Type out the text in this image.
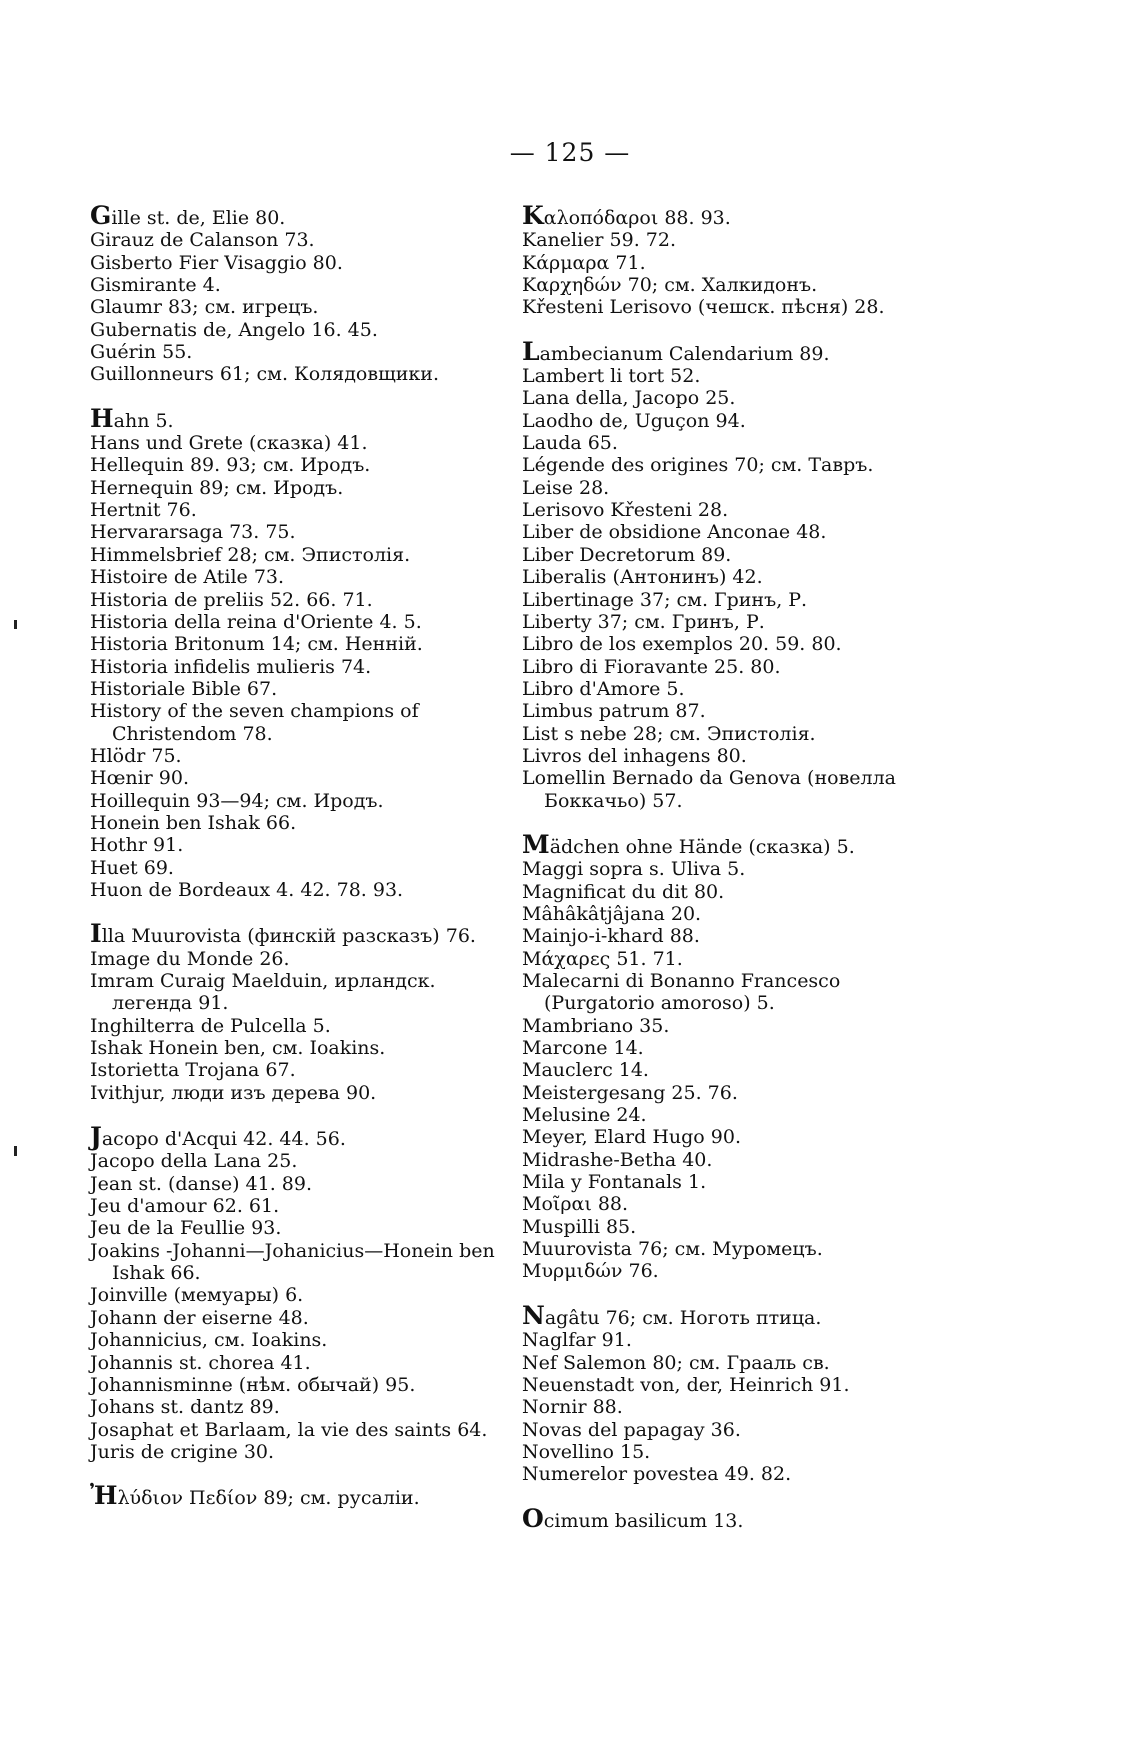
— 125 —
Gille st. de, Elie 80.
Girauz de Calanson 73.
Gisberto Fier Visaggio 80.
Gismirante 4.
Glaumr 83; см. игрецъ.
Gubernatis de, Angelo 16. 45.
Guérin 55.
Guillonneurs 61; см. Колядовщики.
Hahn 5.
Hans und Grete (сказка) 41.
Hellequin 89. 93; см. Иродъ.
Hernequin 89; см. Иродъ.
Hertnit 76.
Hervararsaga 73. 75.
Himmelsbrief 28; см. Эпистолія.
Histoire de Atile 73.
Historia de preliis 52. 66. 71.
Historia della reina d'Oriente 4. 5.
Historia Britonum 14; см. Ненній.
Historia infidelis mulieris 74.
Historiale Bible 67.
History of the seven champions of Christendom 78.
Hlödr 75.
Hœnir 90.
Hoillequin 93—94; см. Иродъ.
Honein ben Ishak 66.
Hothr 91.
Huet 69.
Huon de Bordeaux 4. 42. 78. 93.
Illa Muurovista (финскій разсказъ) 76.
Image du Monde 26.
Imram Curaig Maelduin, ирландск. легенда 91.
Inghilterra de Pulcella 5.
Ishak Honein ben, см. Ioakins.
Istorietta Trojana 67.
Ivithjur, люди изъ дерева 90.
Jacopo d'Acqui 42. 44. 56.
Jacopo della Lana 25.
Jean st. (danse) 41. 89.
Jeu d'amour 62. 61.
Jeu de la Feullie 93.
Joakins -Johanni—Johanicius—Honein ben Ishak 66.
Joinville (мемуары) 6.
Johann der eiserne 48.
Johannicius, см. Ioakins.
Johannis st. chorea 41.
Johannisminne (нѣм. обычай) 95.
Johans st. dantz 89.
Josaphat et Barlaam, la vie des saints 64.
Juris de crigine 30.
Ἠλύδιον Πεδίον 89; см. русаліи.
Καλοπόδαροι 88. 93.
Kanelier 59. 72.
Κάρμαρα 71.
Καρχηδών 70; см. Халкидонъ.
Křesteni Lerisovo (чешск. пѣсня) 28.
Lambecianum Calendarium 89.
Lambert li tort 52.
Lana della, Jacopo 25.
Laodho de, Uguçon 94.
Lauda 65.
Légende des origines 70; см. Тавръ.
Leise 28.
Lerisovo Křesteni 28.
Liber de obsidione Anconae 48.
Liber Decretorum 89.
Liberalis (Антонинъ) 42.
Libertinage 37; см. Гринъ, Р.
Liberty 37; см. Гринъ, Р.
Libro de los exemplos 20. 59. 80.
Libro di Fioravante 25. 80.
Libro d'Amore 5.
Limbus patrum 87.
List s nebe 28; см. Эпистолія.
Livros del inhagens 80.
Lomellin Bernado da Genova (новелла Боккачьо) 57.
Mädchen ohne Hände (сказка) 5.
Maggi sopra s. Uliva 5.
Magnificat du dit 80.
Mâhâkâtjâjana 20.
Mainjo-i-khard 88.
Μάχαρες 51. 71.
Malecarni di Bonanno Francesco (Purgatorio amoroso) 5.
Mambriano 35.
Marcone 14.
Mauclerc 14.
Meistergesang 25. 76.
Melusine 24.
Meyer, Elard Hugo 90.
Midrashe-Betha 40.
Mila y Fontanals 1.
Μοῖραι 88.
Muspilli 85.
Muurovista 76; см. Муромецъ.
Μυρμιδών 76.
Nagâtu 76; см. Ноготь птица.
Naglfar 91.
Nef Salemon 80; см. Грааль св.
Neuenstadt von, der, Heinrich 91.
Nornir 88.
Novas del papagay 36.
Novellino 15.
Numerelor povestea 49. 82.
Ocimum basilicum 13.
